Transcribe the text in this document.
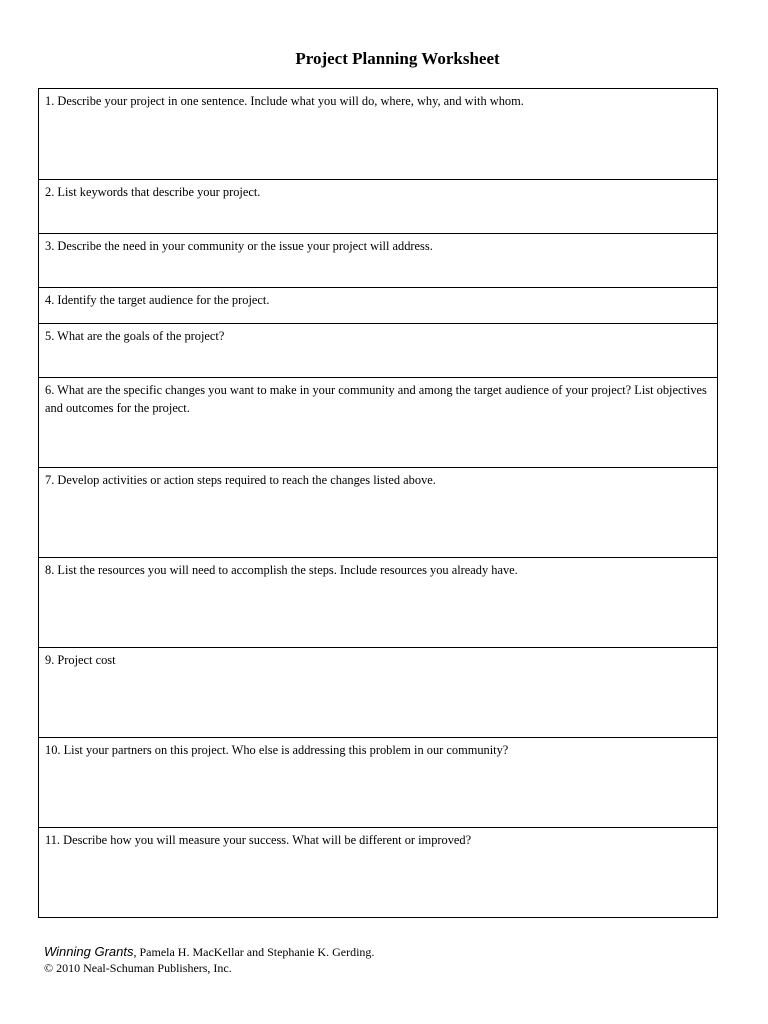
Project Planning Worksheet
1. Describe your project in one sentence. Include what you will do, where, why, and with whom.
2. List keywords that describe your project.
3. Describe the need in your community or the issue your project will address.
4. Identify the target audience for the project.
5. What are the goals of the project?
6. What are the specific changes you want to make in your community and among the target audience of your project? List objectives and outcomes for the project.
7. Develop activities or action steps required to reach the changes listed above.
8. List the resources you will need to accomplish the steps. Include resources you already have.
9. Project cost
10. List your partners on this project. Who else is addressing this problem in our community?
11. Describe how you will measure your success. What will be different or improved?
Winning Grants, Pamela H. MacKellar and Stephanie K. Gerding.
© 2010 Neal-Schuman Publishers, Inc.
